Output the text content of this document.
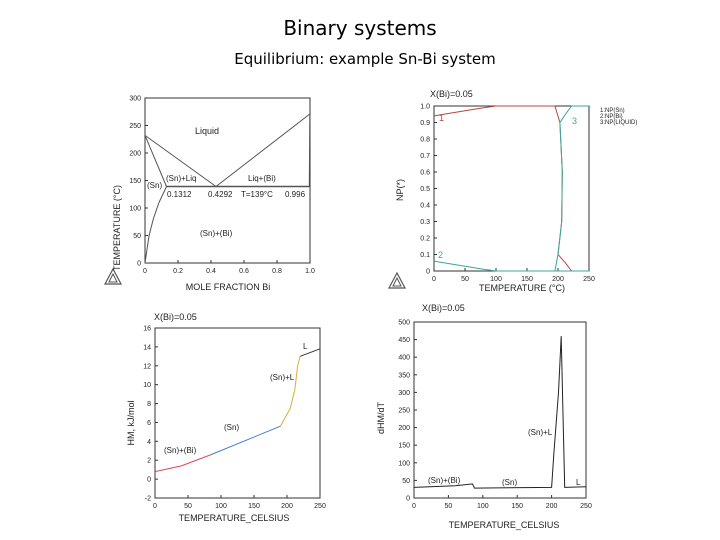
Binary systems
Equilibrium: example Sn-Bi system
0	0.2	0.4	0.6	0.8	1.0
0
50
100
150
200
250
300
TEMPERATURE (°C)
MOLE FRACTION Bi
Liquid
(Sn)+Liq	Liq+(Bi)
(Sn)
0.1312 0.4292 T=139°C 0.996
(Sn)+(Bi)
0	50	100	150	200	250
0
0.1
0.2
0.3
0.4
0.5
0.6
0.7
0.8
0.9
1.0
X(Bi)=0.05
NP(*)
TEMPERATURE (°C)
1:NP(Sn)
2:NP(Bi)
3:NP(LIQUID)
1
2
3
0	50	100	150	200	250
-2
0
2
4
6
8
10
12
14
16
X(Bi)=0.05
HM, kJ/mol
TEMPERATURE_CELSIUS
L
(Sn)+L
(Sn)
(Sn)+(Bi)
0	50	100	150	200	250
0
50
100
150
200
250
300
350
400
450
500
X(Bi)=0.05
dHM/dT
TEMPERATURE_CELSIUS
(Sn)+L
(Sn)+(Bi)	(Sn)	L
